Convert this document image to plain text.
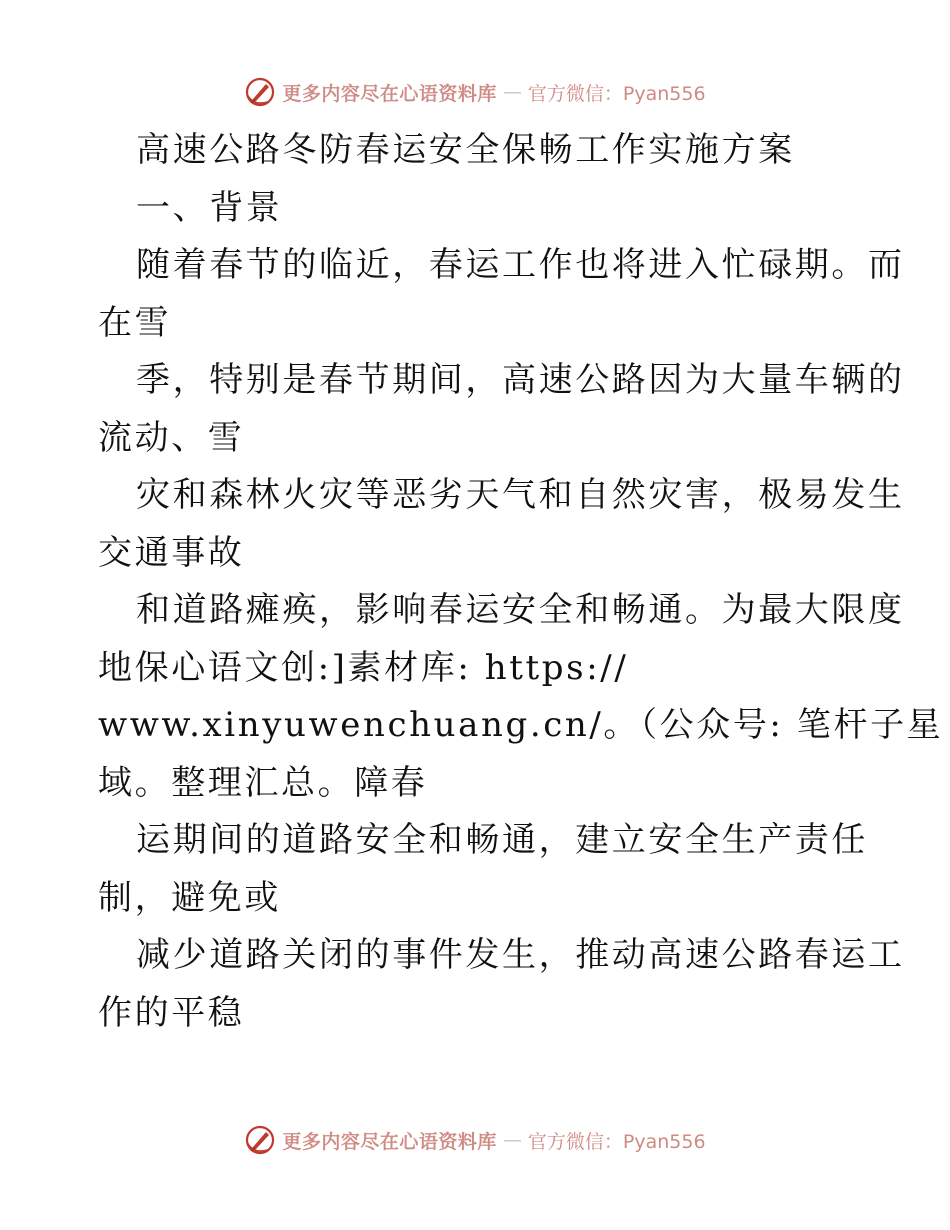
更多内容尽在心语资料库 — 官方微信：Pyan556
高速公路冬防春运安全保畅工作实施方案
一、背景
随着春节的临近，春运工作也将进入忙碌期。而
在雪
季，特别是春节期间，高速公路因为大量车辆的
流动、雪
灾和森林火灾等恶劣天气和自然灾害，极易发生
交通事故
和道路瘫痪，影响春运安全和畅通。为最大限度
地保心语文创:]素材库: https://
www.xinyuwenchuang.cn/。（公众号: 笔杆子星
域。整理汇总。障春
运期间的道路安全和畅通，建立安全生产责任
制，避免或
减少道路关闭的事件发生，推动高速公路春运工
作的平稳
更多内容尽在心语资料库 — 官方微信：Pyan556
